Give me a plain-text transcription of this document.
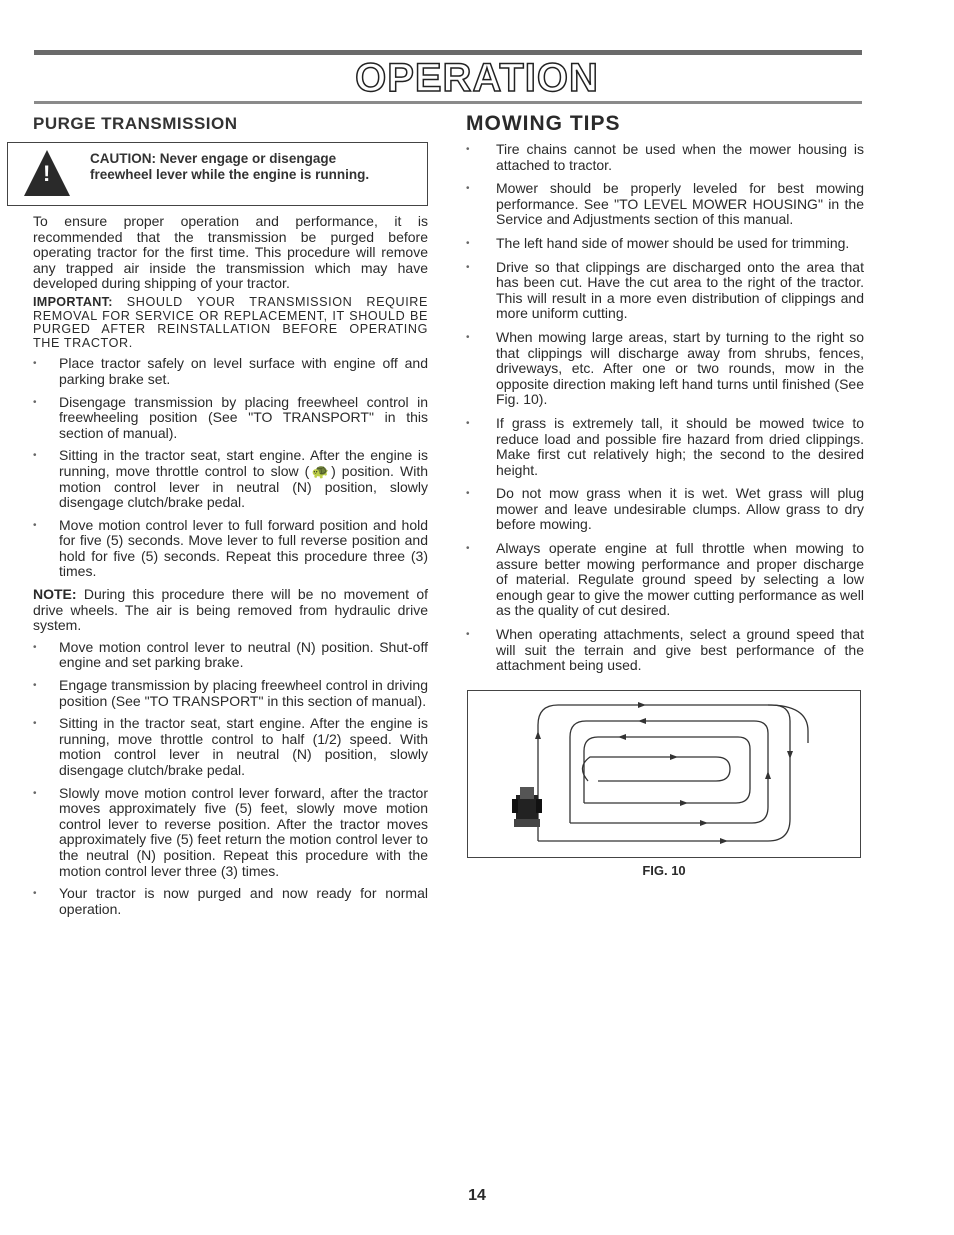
OPERATION
PURGE TRANSMISSION
!
CAUTION: Never engage or disengage freewheel lever while the engine is running.

To ensure proper operation and performance, it is recommended that the transmission be purged before operating tractor for the first time. This procedure will remove any trapped air inside the transmission which may have developed during shipping of your tractor.

IMPORTANT: SHOULD YOUR TRANSMISSION REQUIRE REMOVAL FOR SERVICE OR REPLACEMENT, IT SHOULD BE PURGED AFTER REINSTALLATION BEFORE OPERATING THE TRACTOR.

• Place tractor safely on level surface with engine off and parking brake set.
• Disengage transmission by placing freewheel control in freewheeling position (See "TO TRANSPORT" in this section of manual).
• Sitting in the tractor seat, start engine. After the engine is running, move throttle control to slow (🐢) position. With motion control lever in neutral (N) position, slowly disengage clutch/brake pedal.
• Move motion control lever to full forward position and hold for five (5) seconds. Move lever to full reverse position and hold for five (5) seconds. Repeat this procedure three (3) times.

NOTE: During this procedure there will be no movement of drive wheels. The air is being removed from hydraulic drive system.

• Move motion control lever to neutral (N) position. Shut-off engine and set parking brake.
• Engage transmission by placing freewheel control in driving position (See "TO TRANSPORT" in this section of manual).
• Sitting in the tractor seat, start engine. After the engine is running, move throttle control to half (1/2) speed. With motion control lever in neutral (N) position, slowly disengage clutch/brake pedal.
• Slowly move motion control lever forward, after the tractor moves approximately five (5) feet, slowly move motion control lever to reverse position. After the tractor moves approximately five (5) feet return the motion control lever to the neutral (N) position. Repeat this procedure with the motion control lever three (3) times.
• Your tractor is now purged and now ready for normal operation.
MOWING TIPS
• Tire chains cannot be used when the mower housing is attached to tractor.
• Mower should be properly leveled for best mowing performance. See "TO LEVEL MOWER HOUSING" in the Service and Adjustments section of this manual.
• The left hand side of mower should be used for trimming.
• Drive so that clippings are discharged onto the area that has been cut. Have the cut area to the right of the tractor. This will result in a more even distribution of clippings and more uniform cutting.
• When mowing large areas, start by turning to the right so that clippings will discharge away from shrubs, fences, driveways, etc. After one or two rounds, mow in the opposite direction making left hand turns until finished (See Fig. 10).
• If grass is extremely tall, it should be mowed twice to reduce load and possible fire hazard from dried clippings. Make first cut relatively high; the second to the desired height.
• Do not mow grass when it is wet. Wet grass will plug mower and leave undesirable clumps. Allow grass to dry before mowing.
• Always operate engine at full throttle when mowing to assure better mowing performance and proper discharge of material. Regulate ground speed by selecting a low enough gear to give the mower cutting performance as well as the quality of cut desired.
• When operating attachments, select a ground speed that will suit the terrain and give best performance of the attachment being used.
FIG. 10
14
